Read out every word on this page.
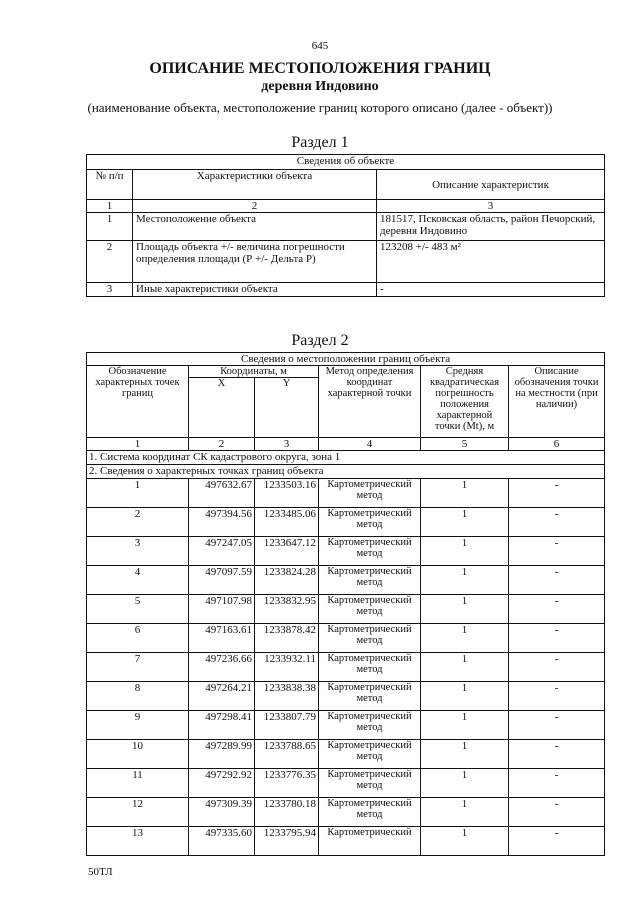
645
ОПИСАНИЕ МЕСТОПОЛОЖЕНИЯ ГРАНИЦ
деревня Индовино
(наименование объекта, местоположение границ которого описано (далее - объект))
Раздел 1
Сведения об объекте		
№ п/п	Характеристики объекта	Описание характеристик
1	2	3
1	Местоположение объекта	181517, Псковская область, район Печорский, деревня Индовино
2	Площадь объекта +/- величина погрешности определения площади (Р +/- Дельта Р)	123208 +/- 483 м²
3	Иные характеристики объекта	-
Раздел 2
Сведения о местоположении границ объекта					
Обозначение характерных точек границ	Координаты, м		Метод определения координат характерной точки	Средняя квадратическая погрешность положения характерной точки (Mt), м	Описание обозначения точки на местности (при наличии)
	X	Y			
1	2	3	4	5	6
1. Система координат СК кадастрового округа, зона 1					
2. Сведения о характерных точках границ объекта					
1	497632.67	1233503.16	Картометрический метод	1	-
2	497394.56	1233485.06	Картометрический метод	1	-
3	497247.05	1233647.12	Картометрический метод	1	-
4	497097.59	1233824.28	Картометрический метод	1	-
5	497107.98	1233832.95	Картометрический метод	1	-
6	497163.61	1233878.42	Картометрический метод	1	-
7	497236.66	1233932.11	Картометрический метод	1	-
8	497264.21	1233838.38	Картометрический метод	1	-
9	497298.41	1233807.79	Картометрический метод	1	-
10	497289.99	1233788.65	Картометрический метод	1	-
11	497292.92	1233776.35	Картометрический метод	1	-
12	497309.39	1233780.18	Картометрический метод	1	-
13	497335.60	1233795.94	Картометрический	1	-
50ТЛ
